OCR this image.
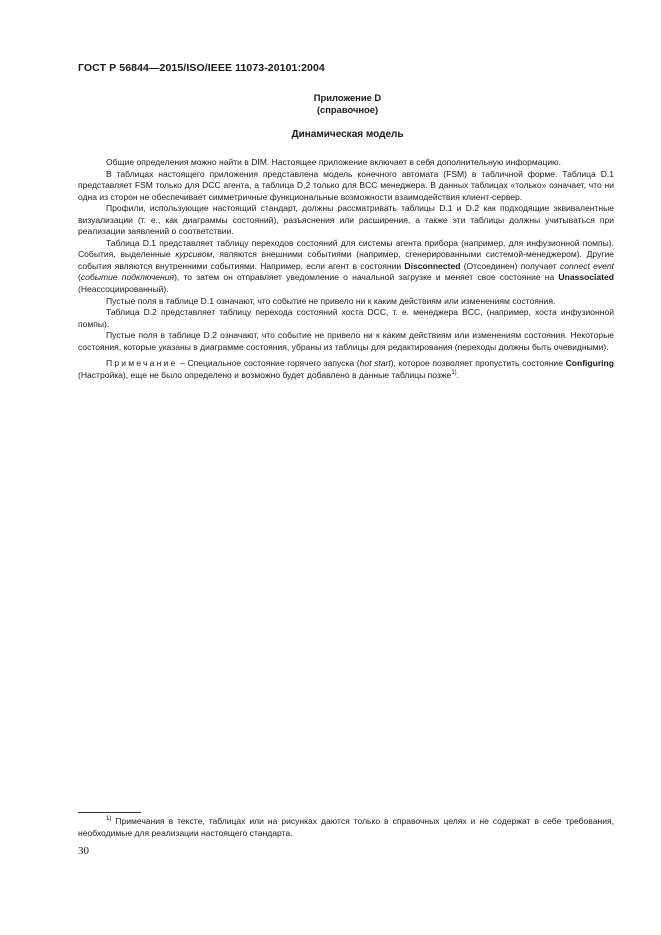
ГОСТ Р 56844—2015/ISO/IEEE 11073-20101:2004
Приложение D
(справочное)
Динамическая модель

Общие определения можно найти в DIM. Настоящее приложение включает в себя дополнительную информацию.

В таблицах настоящего приложения представлена модель конечного автомата (FSM) в табличной форме. Таблица D.1 представляет FSM только для DCC агента, а таблица D.2 только для BCC менеджера. В данных таблицах «только» означает, что ни одна из сторон не обеспечивает симметричные функциональные возможности взаимодействия клиент-сервер.

Профили, использующие настоящий стандарт, должны рассматривать таблицы D.1 и D.2 как подходящие эквивалентные визуализации (т. е., как диаграммы состояний), разъяснения или расширения, а также эти таблицы должны учитываться при реализации заявлений о соответствии.

Таблица D.1 представляет таблицу переходов состояний для системы агента прибора (например, для инфузионной помпы). События, выделенные курсивом, являются внешними событиями (например, сгенерированными системой-менеджером). Другие события являются внутренними событиями. Например, если агент в состоянии Disconnected (Отсоединен) получает connect event (событие подключения), то затем он отправляет уведомление о начальной загрузке и меняет свое состояние на Unassociated (Неассоциированный).

Пустые поля в таблице D.1 означают, что событие не привело ни к каким действиям или изменениям состояния.

Таблица D.2 представляет таблицу перехода состояний хоста DCC, т. е. менеджера BCC, (например, хоста инфузионной помпы).

Пустые поля в таблице D.2 означают, что событие не привело ни к каким действиям или изменениям состояния. Некоторые состояния, которые указаны в диаграмме состояния, убраны из таблицы для редактирования (переходы должны быть очевидными).

Примечание – Специальное состояние горячего запуска (hot start), которое позволяет пропустить состояние Configuring (Настройка), еще не было определено и возможно будет добавлено в данные таблицы позже$^{1)}$.

$^{1)}$ Примечания в тексте, таблицах или на рисунках даются только в справочных целях и не содержат в себе требования, необходимые для реализации настоящего стандарта.

30
